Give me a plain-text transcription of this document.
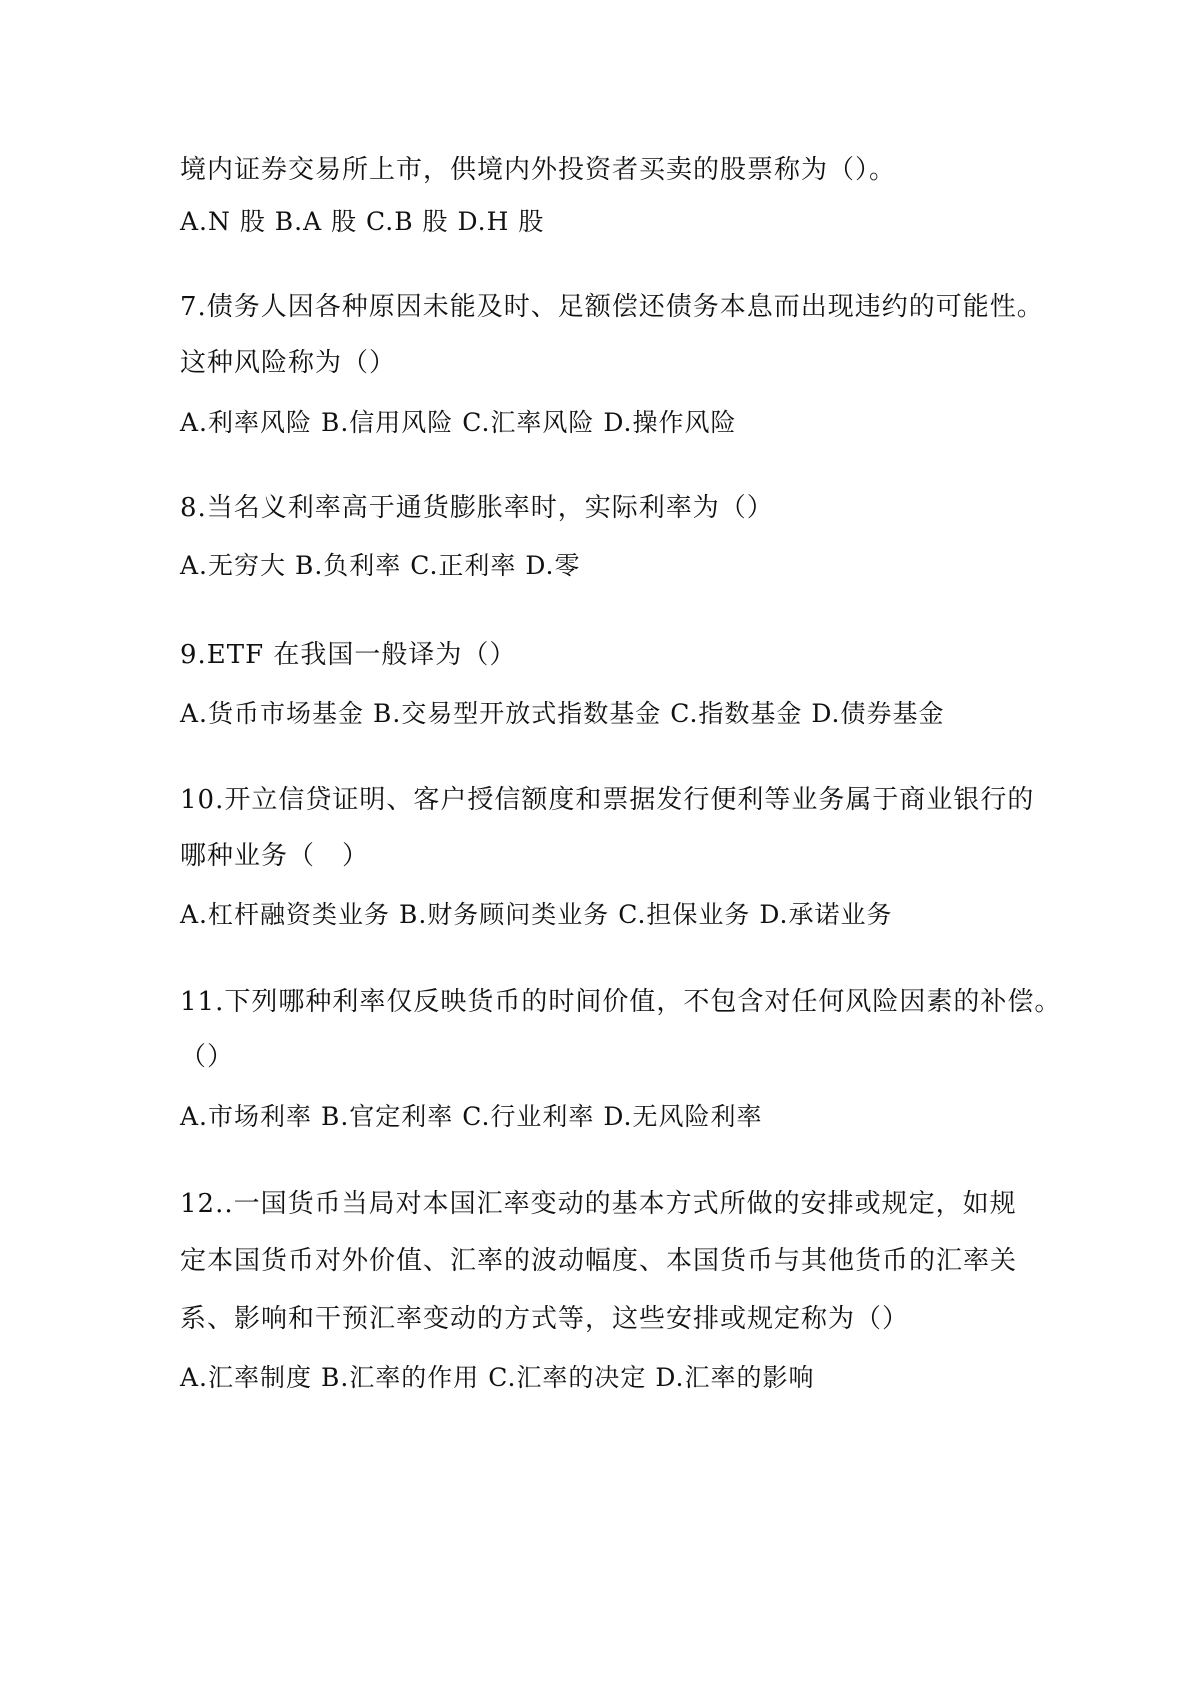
境内证券交易所上市，供境内外投资者买卖的股票称为（）。
A.N 股 B.A 股 C.B 股 D.H 股
7.债务人因各种原因未能及时、足额偿还债务本息而出现违约的可能性。
这种风险称为（）
A.利率风险 B.信用风险 C.汇率风险 D.操作风险
8.当名义利率高于通货膨胀率时，实际利率为（）
A.无穷大 B.负利率 C.正利率 D.零
9.ETF 在我国一般译为（）
A.货币市场基金 B.交易型开放式指数基金 C.指数基金 D.债券基金
10.开立信贷证明、客户授信额度和票据发行便利等业务属于商业银行的
哪种业务（　）
A.杠杆融资类业务 B.财务顾问类业务 C.担保业务 D.承诺业务
11.下列哪种利率仅反映货币的时间价值，不包含对任何风险因素的补偿。
（）
A.市场利率 B.官定利率 C.行业利率 D.无风险利率
12..一国货币当局对本国汇率变动的基本方式所做的安排或规定，如规
定本国货币对外价值、汇率的波动幅度、本国货币与其他货币的汇率关
系、影响和干预汇率变动的方式等，这些安排或规定称为（）
A.汇率制度 B.汇率的作用 C.汇率的决定 D.汇率的影响
